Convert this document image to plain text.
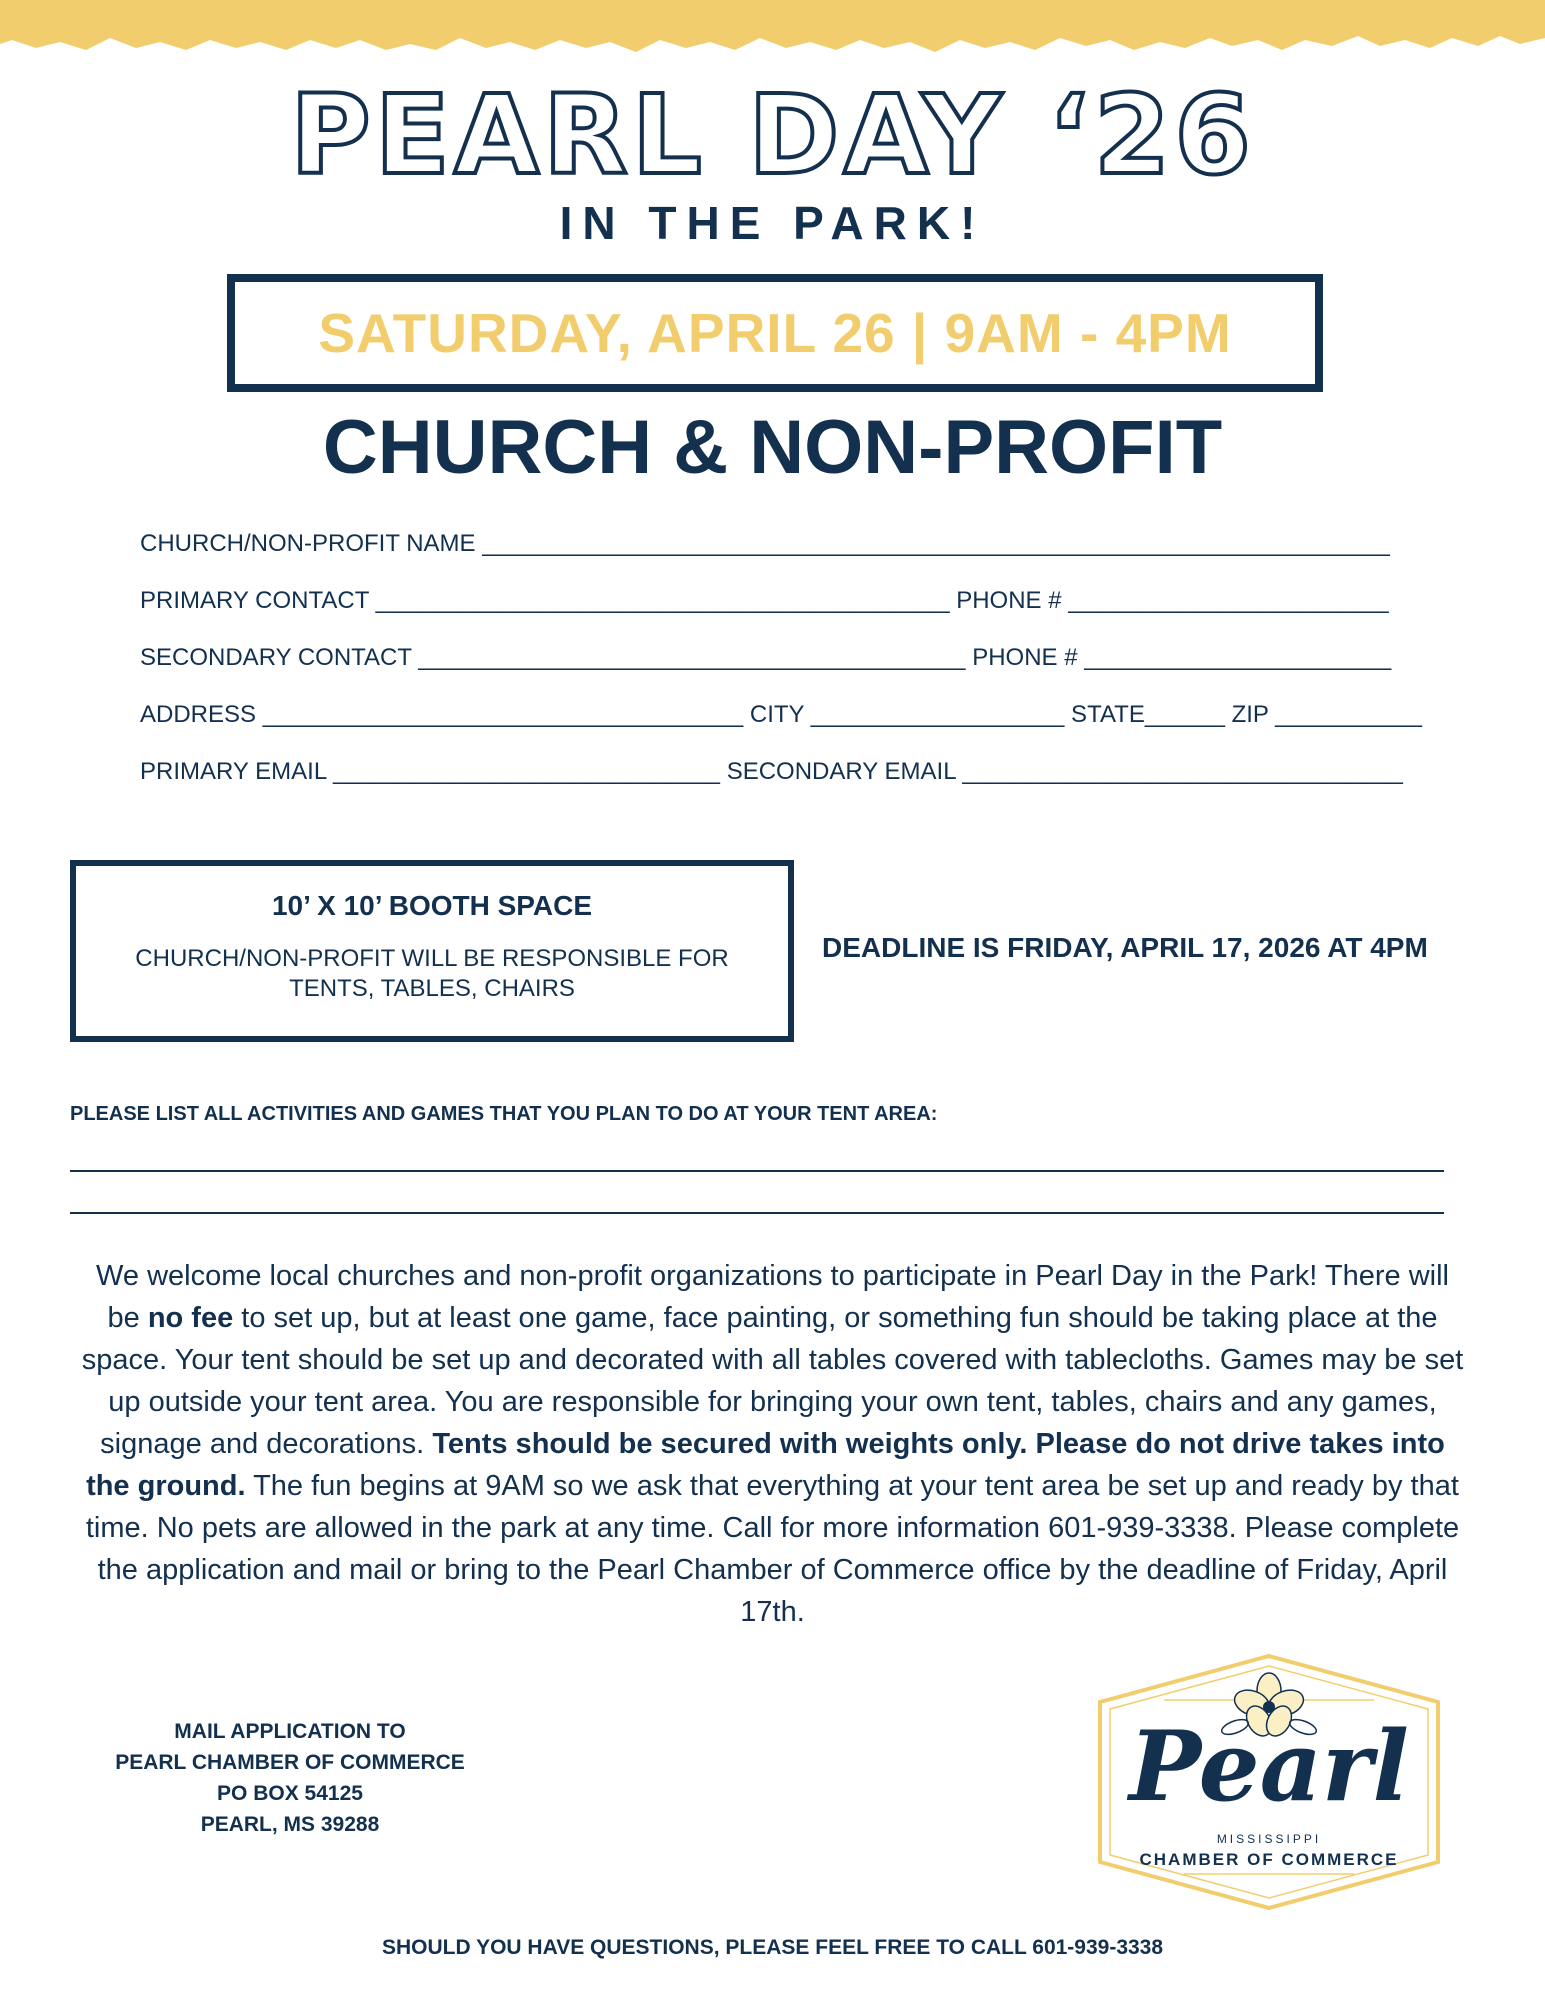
PEARL DAY ‘26
IN THE PARK!
SATURDAY, APRIL 26 | 9AM - 4PM
CHURCH & NON-PROFIT
CHURCH/NON-PROFIT NAME ____________________________________________________________________
PRIMARY CONTACT ___________________________________________ PHONE # ________________________
SECONDARY CONTACT _________________________________________ PHONE # _______________________
ADDRESS ____________________________________ CITY ___________________ STATE______ ZIP ___________
PRIMARY EMAIL _____________________________ SECONDARY EMAIL _________________________________
10’ X 10’ BOOTH SPACE
CHURCH/NON-PROFIT WILL BE RESPONSIBLE FOR TENTS, TABLES, CHAIRS
DEADLINE IS FRIDAY, APRIL 17, 2026 AT 4PM
PLEASE LIST ALL ACTIVITIES AND GAMES THAT YOU PLAN TO DO AT YOUR TENT AREA:
We welcome local churches and non-profit organizations to participate in Pearl Day in the Park! There will be no fee to set up, but at least one game, face painting, or something fun should be taking place at the space. Your tent should be set up and decorated with all tables covered with tablecloths. Games may be set up outside your tent area. You are responsible for bringing your own tent, tables, chairs and any games, signage and decorations. Tents should be secured with weights only. Please do not drive takes into the ground. The fun begins at 9AM so we ask that everything at your tent area be set up and ready by that time. No pets are allowed in the park at any time. Call for more information 601-939-3338. Please complete the application and mail or bring to the Pearl Chamber of Commerce office by the deadline of Friday, April 17th.
MAIL APPLICATION TO
PEARL CHAMBER OF COMMERCE
PO BOX 54125
PEARL, MS 39288
Pearl
MISSISSIPPI
CHAMBER OF COMMERCE
SHOULD YOU HAVE QUESTIONS, PLEASE FEEL FREE TO CALL 601-939-3338
